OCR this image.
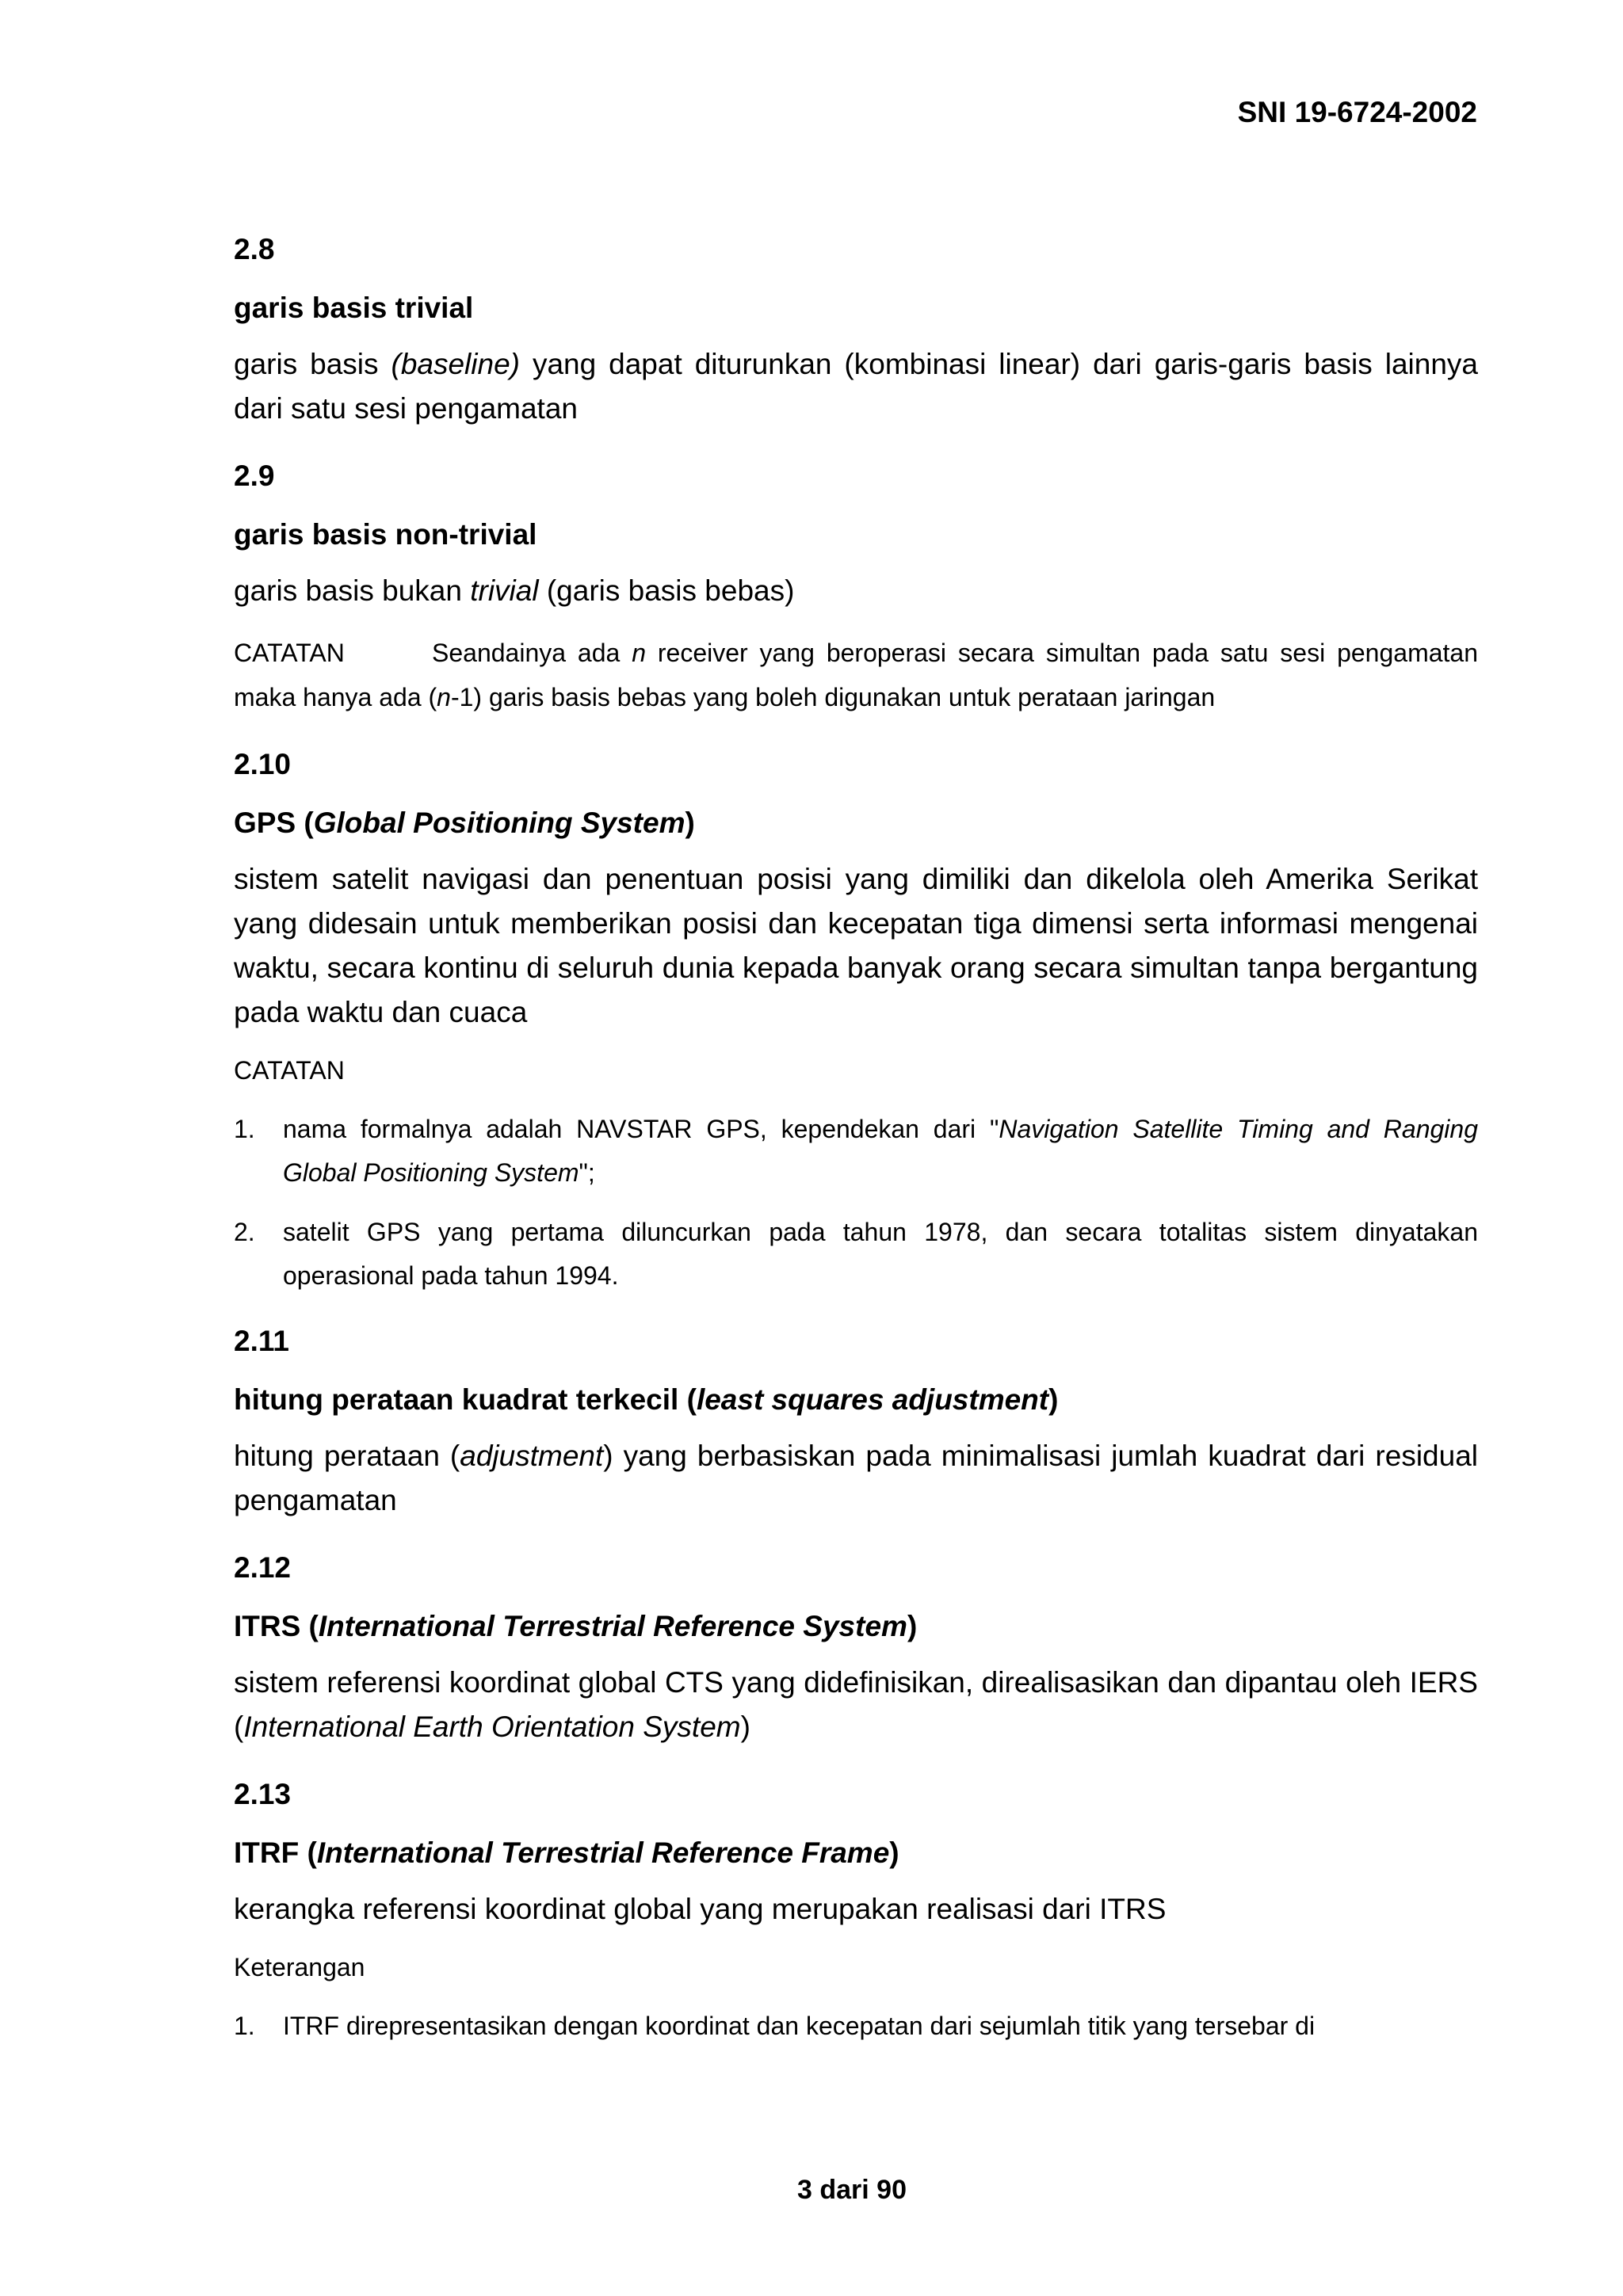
SNI 19-6724-2002
2.8
garis basis trivial
garis basis (baseline) yang dapat diturunkan (kombinasi linear) dari garis-garis basis lainnya dari satu sesi pengamatan
2.9
garis basis non-trivial
garis basis bukan trivial (garis basis bebas)
CATATAN	Seandainya ada n receiver yang beroperasi secara simultan pada satu sesi pengamatan maka hanya ada (n-1) garis basis bebas yang boleh digunakan untuk perataan jaringan
2.10
GPS (Global Positioning System)
sistem satelit navigasi dan penentuan posisi yang dimiliki dan dikelola oleh Amerika Serikat yang didesain untuk memberikan posisi dan kecepatan tiga dimensi serta informasi mengenai waktu, secara kontinu di seluruh dunia kepada banyak orang secara simultan tanpa bergantung pada waktu dan cuaca
CATATAN
1. nama formalnya adalah NAVSTAR GPS, kependekan dari "Navigation Satellite Timing and Ranging Global Positioning System";
2. satelit GPS yang pertama diluncurkan pada tahun 1978, dan secara totalitas sistem dinyatakan operasional pada tahun 1994.
2.11
hitung perataan kuadrat terkecil (least squares adjustment)
hitung perataan (adjustment) yang berbasiskan pada minimalisasi jumlah kuadrat dari residual pengamatan
2.12
ITRS (International Terrestrial Reference System)
sistem referensi koordinat global CTS yang didefinisikan, direalisasikan dan dipantau oleh IERS (International Earth Orientation System)
2.13
ITRF (International Terrestrial Reference Frame)
kerangka referensi koordinat global yang merupakan realisasi dari ITRS
Keterangan
1. ITRF direpresentasikan dengan koordinat dan kecepatan dari sejumlah titik yang tersebar di
3 dari 90
